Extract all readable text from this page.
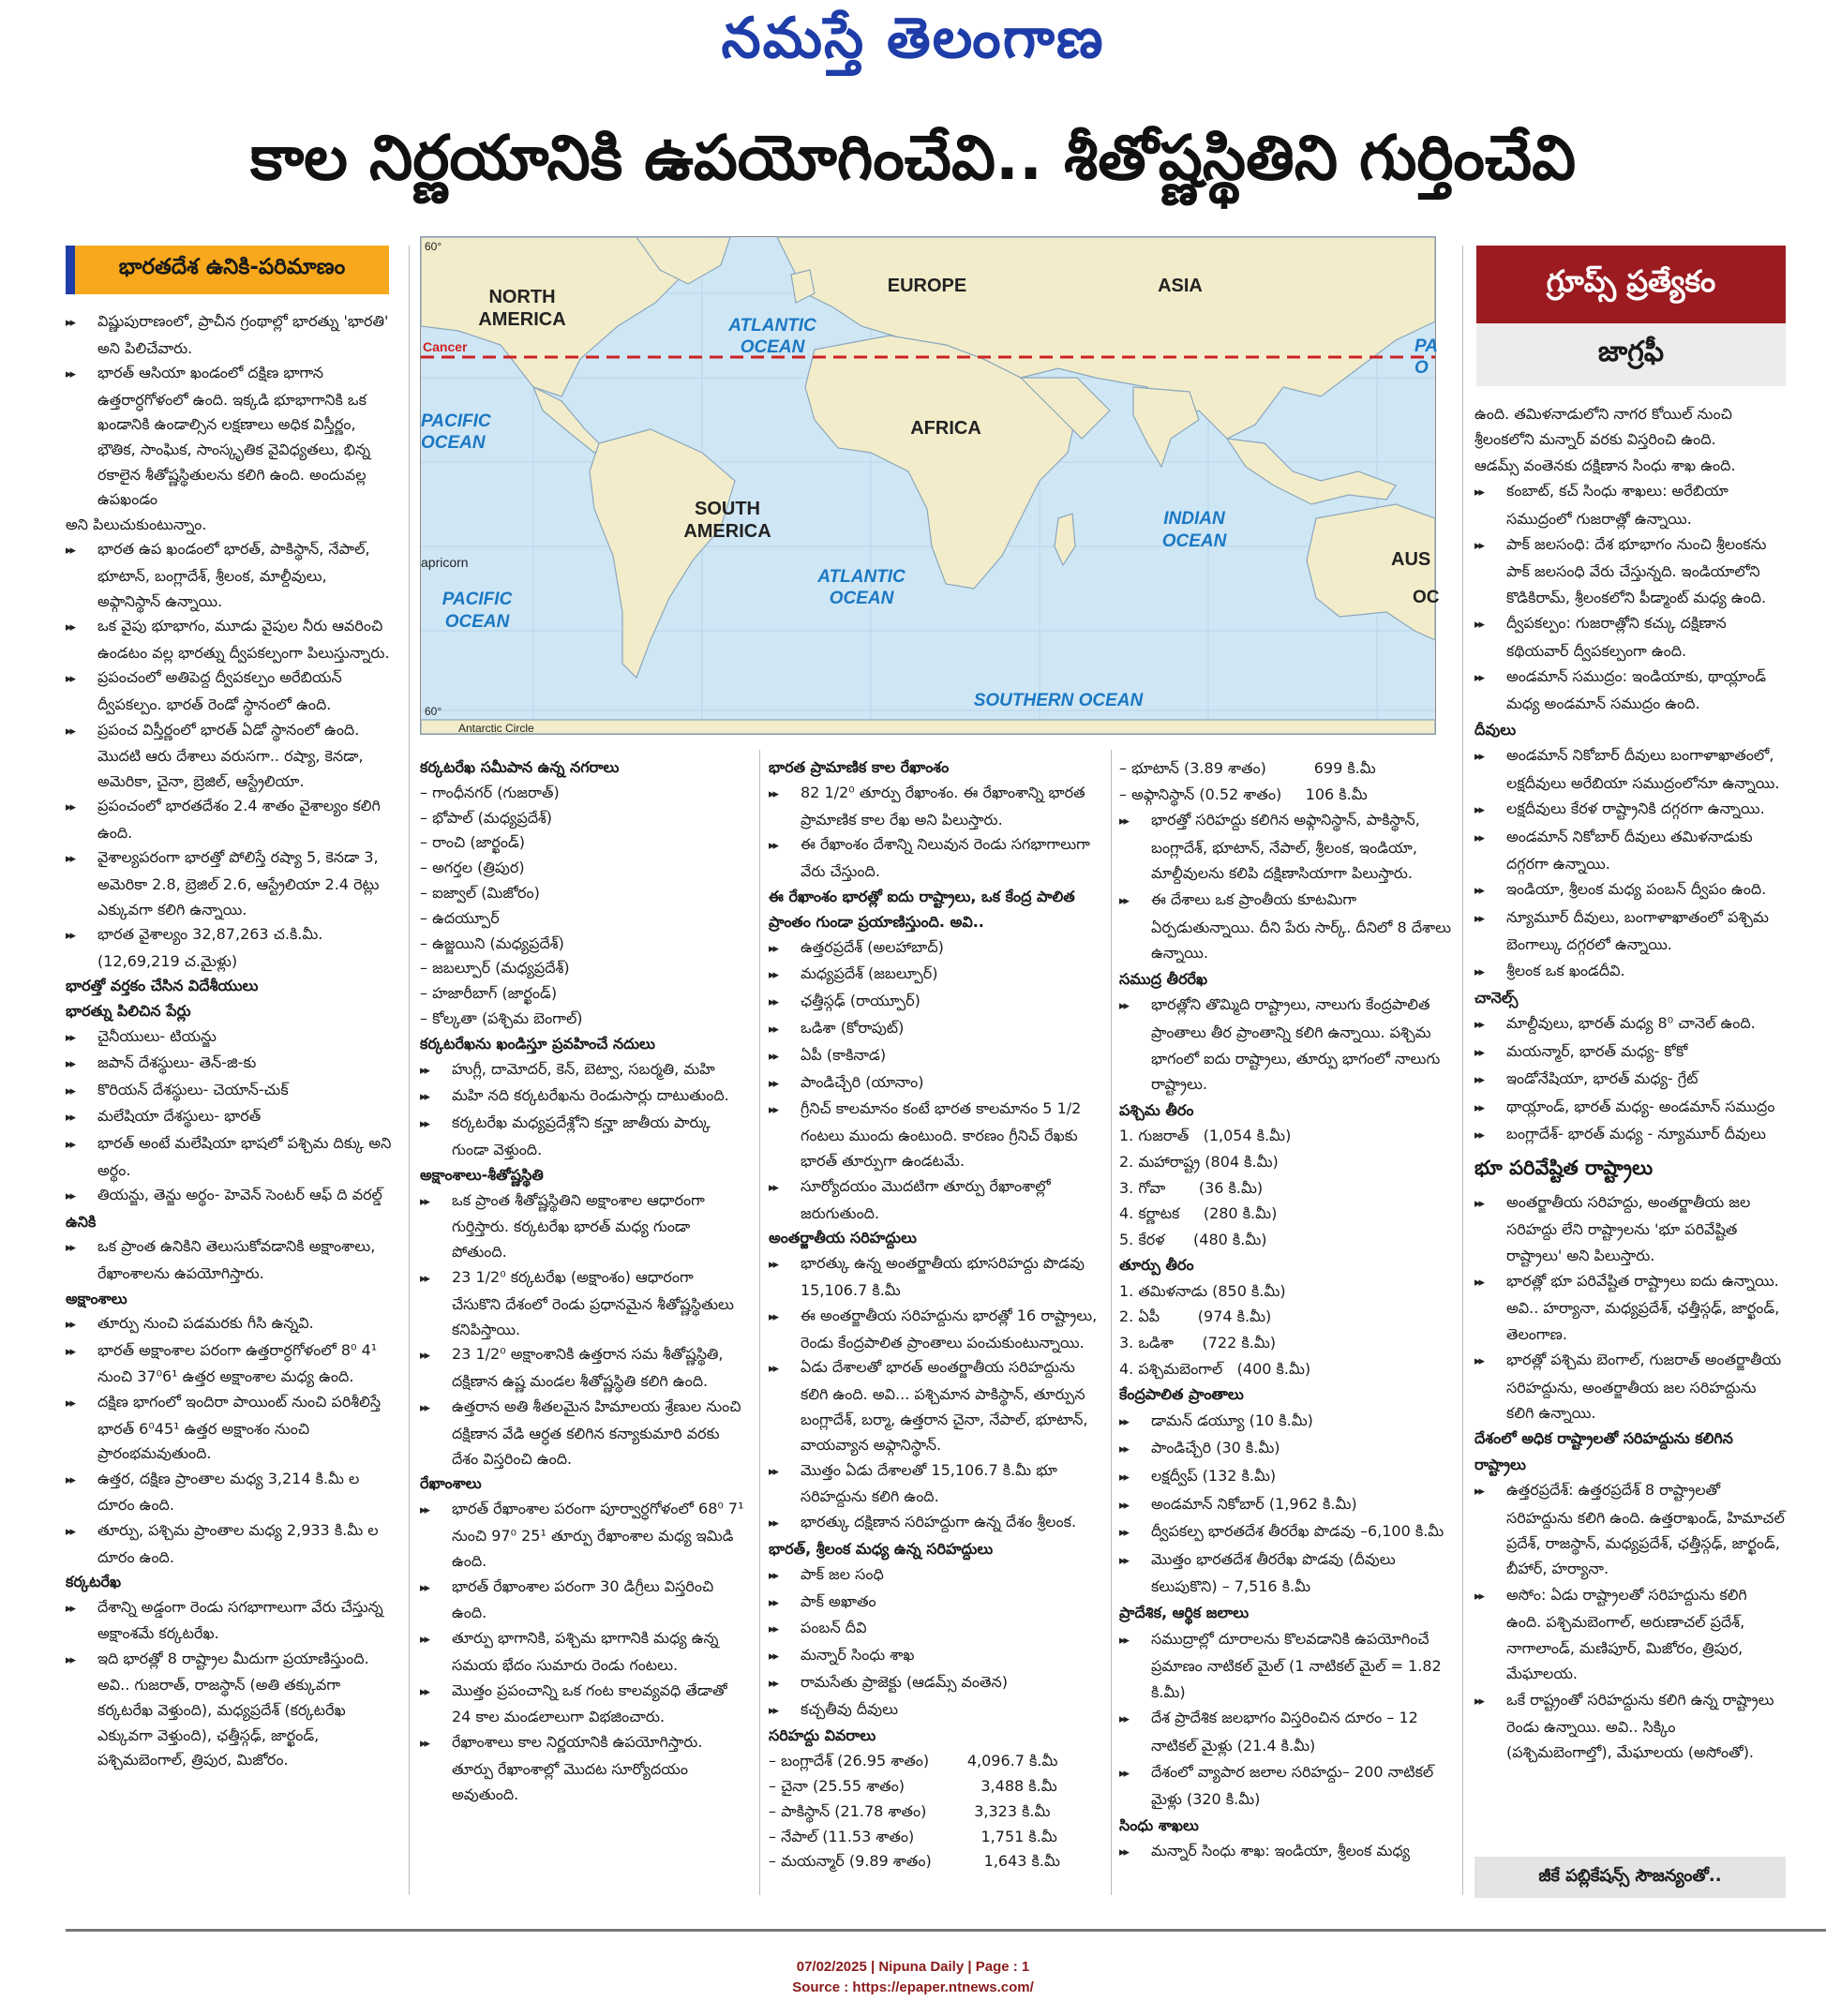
నమస్తే తెలంగాణ
కాల నిర్ణయానికి ఉపయోగించేవి.. శీతోష్ణస్థితిని గుర్తించేవి
భారతదేశ ఉనికి-పరిమాణం	గ్రూప్స్ ప్రత్యేకం
జాగ్రఫీ
NORTH
AMERICA
EUROPE	ASIA
ATLANTIC
OCEAN
Cancer
PACIFIC
OCEAN
AFRICA
PA
O
SOUTH
AMERICA
INDIAN
OCEAN
apricorn	AUS
OC
PACIFIC
OCEAN
ATLANTIC
OCEAN
SOUTHERN OCEAN
60°
60°
Antarctic Circle
▸▸ విష్ణుపురాణంలో, ప్రాచీన గ్రంథాల్లో భారత్ను 'భారతి' అని పిలిచేవారు.
▸▸ భారత్ ఆసియా ఖండంలో దక్షిణ భాగాన ఉత్తరార్ధగోళంలో ఉంది. ఇక్కడి భూభాగానికి ఒక ఖండానికి ఉండాల్సిన లక్షణాలు అధిక విస్తీర్ణం, భౌతిక, సాంఘిక, సాంస్కృతిక వైవిధ్యతలు, భిన్న రకాలైన శీతోష్ణస్థితులను కలిగి ఉంది. అందువల్ల ఉపఖండం
అని పిలుచుకుంటున్నాం.
▸▸ భారత ఉప ఖండంలో భారత్, పాకిస్థాన్, నేపాల్, భూటాన్, బంగ్లాదేశ్, శ్రీలంక, మాల్దీవులు, అఫ్గానిస్థాన్ ఉన్నాయి.
▸▸ ఒక వైపు భూభాగం, మూడు వైపుల నీరు ఆవరించి ఉండటం వల్ల భారత్ను ద్వీపకల్పంగా పిలుస్తున్నారు.
▸▸ ప్రపంచంలో అతిపెద్ద ద్వీపకల్పం అరేబియన్ ద్వీపకల్పం. భారత్ రెండో స్థానంలో ఉంది.
▸▸ ప్రపంచ విస్తీర్ణంలో భారత్ ఏడో స్థానంలో ఉంది. మొదటి ఆరు దేశాలు వరుసగా.. రష్యా, కెనడా, అమెరికా, చైనా, బ్రెజిల్, ఆస్ట్రేలియా.
▸▸ ప్రపంచంలో భారతదేశం 2.4 శాతం వైశాల్యం కలిగి ఉంది.
▸▸ వైశాల్యపరంగా భారత్తో పోలిస్తే రష్యా 5, కెనడా 3, అమెరికా 2.8, బ్రెజిల్ 2.6, ఆస్ట్రేలియా 2.4 రెట్లు ఎక్కువగా కలిగి ఉన్నాయి.
▸▸ భారత వైశాల్యం 32,87,263 చ.కి.మీ. (12,69,219 చ.మైళ్లు)
భారత్తో వర్తకం చేసిన విదేశీయులు
భారత్ను పిలిచిన పేర్లు
▸▸ చైనీయులు- టియన్జు
▸▸ జపాన్ దేశస్థులు- తెన్-జి-కు
▸▸ కొరియన్ దేశస్థులు- చెయాన్-చుక్
▸▸ మలేషియా దేశస్థులు- భారత్
▸▸ భారత్ అంటే మలేషియా భాషలో పశ్చిమ దిక్కు అని అర్థం.
▸▸ తియన్జు, తెన్జు అర్థం- హెవెన్ సెంటర్ ఆఫ్ ది వరల్డ్
ఉనికి
▸▸ ఒక ప్రాంత ఉనికిని తెలుసుకోవడానికి అక్షాంశాలు, రేఖాంశాలను ఉపయోగిస్తారు.
అక్షాంశాలు
▸▸ తూర్పు నుంచి పడమరకు గీసి ఉన్నవి.
▸▸ భారత్ అక్షాంశాల పరంగా ఉత్తరార్ధగోళంలో 8⁰ 4¹ నుంచి 37⁰6¹ ఉత్తర అక్షాంశాల మధ్య ఉంది.
▸▸ దక్షిణ భాగంలో ఇందిరా పాయింట్ నుంచి పరిశీలిస్తే భారత్ 6⁰45¹ ఉత్తర అక్షాంశం నుంచి ప్రారంభమవుతుంది.
▸▸ ఉత్తర, దక్షిణ ప్రాంతాల మధ్య 3,214 కి.మీ ల దూరం ఉంది.
▸▸ తూర్పు, పశ్చిమ ప్రాంతాల మధ్య 2,933 కి.మీ ల దూరం ఉంది.
కర్కటరేఖ
▸▸ దేశాన్ని అడ్డంగా రెండు సగభాగాలుగా వేరు చేస్తున్న అక్షాంశమే కర్కటరేఖ.
▸▸ ఇది భారత్లో 8 రాష్ట్రాల మీదుగా ప్రయాణిస్తుంది. అవి.. గుజరాత్, రాజస్థాన్ (అతి తక్కువగా కర్కటరేఖ వెళ్తుంది), మధ్యప్రదేశ్ (కర్కటరేఖ ఎక్కువగా వెళ్తుంది), ఛత్తీస్గఢ్, జార్ఖండ్, పశ్చిమబెంగాల్, త్రిపుర, మిజోరం.
కర్కటరేఖ సమీపాన ఉన్న నగరాలు
– గాంధీనగర్ (గుజరాత్)
– భోపాల్ (మధ్యప్రదేశ్)
– రాంచి (జార్ఖండ్)
– అగర్తల (త్రిపుర)
– ఐజ్వాల్ (మిజోరం)
– ఉదయ్పూర్
– ఉజ్జయిని (మధ్యప్రదేశ్)
– జబల్పూర్ (మధ్యప్రదేశ్)
– హజారీబాగ్ (జార్ఖండ్)
– కోల్కతా (పశ్చిమ బెంగాల్)
కర్కటరేఖను ఖండిస్తూ ప్రవహించే నదులు
▸▸ హుగ్లీ, దామోదర్, కెన్, బెట్వా, సబర్మతి, మహి
▸▸ మహి నది కర్కటరేఖను రెండుసార్లు దాటుతుంది.
▸▸ కర్కటరేఖ మధ్యప్రదేశ్లోని కన్హా జాతీయ పార్కు గుండా వెళ్తుంది.
అక్షాంశాలు-శీతోష్ణస్థితి
▸▸ ఒక ప్రాంత శీతోష్ణస్థితిని అక్షాంశాల ఆధారంగా గుర్తిస్తారు. కర్కటరేఖ భారత్ మధ్య గుండా పోతుంది.
▸▸ 23 1/2⁰ కర్కటరేఖ (అక్షాంశం) ఆధారంగా చేసుకొని దేశంలో రెండు ప్రధానమైన శీతోష్ణస్థితులు కనిపిస్తాయి.
▸▸ 23 1/2⁰ అక్షాంశానికి ఉత్తరాన సమ శీతోష్ణస్థితి, దక్షిణాన ఉష్ణ మండల శీతోష్ణస్థితి కలిగి ఉంది.
▸▸ ఉత్తరాన అతి శీతలమైన హిమాలయ శ్రేణుల నుంచి దక్షిణాన వేడి ఆర్ధత కలిగిన కన్యాకుమారి వరకు దేశం విస్తరించి ఉంది.
రేఖాంశాలు
▸▸ భారత్ రేఖాంశాల పరంగా పూర్వార్ధగోళంలో 68⁰ 7¹ నుంచి 97⁰ 25¹ తూర్పు రేఖాంశాల మధ్య ఇమిడి ఉంది.
▸▸ భారత్ రేఖాంశాల పరంగా 30 డిగ్రీలు విస్తరించి ఉంది.
▸▸ తూర్పు భాగానికి, పశ్చిమ భాగానికి మధ్య ఉన్న సమయ భేదం సుమారు రెండు గంటలు.
▸▸ మొత్తం ప్రపంచాన్ని ఒక గంట కాలవ్యవధి తేడాతో 24 కాల మండలాలుగా విభజించారు.
▸▸ రేఖాంశాలు కాల నిర్ణయానికి ఉపయోగిస్తారు. తూర్పు రేఖాంశాల్లో మొదట సూర్యోదయం అవుతుంది.
భారత ప్రామాణిక కాల రేఖాంశం
▸▸ 82 1/2⁰ తూర్పు రేఖాంశం. ఈ రేఖాంశాన్ని భారత ప్రామాణిక కాల రేఖ అని పిలుస్తారు.
▸▸ ఈ రేఖాంశం దేశాన్ని నిలువున రెండు సగభాగాలుగా వేరు చేస్తుంది.
ఈ రేఖాంశం భారత్లో ఐదు రాష్ట్రాలు, ఒక కేంద్ర పాలిత ప్రాంతం గుండా ప్రయాణిస్తుంది. అవి..
▸▸ ఉత్తరప్రదేశ్ (అలహాబాద్)
▸▸ మధ్యప్రదేశ్ (జబల్పూర్)
▸▸ ఛత్తీస్గఢ్ (రాయ్పూర్)
▸▸ ఒడిశా (కోరాపుట్)
▸▸ ఏపీ (కాకినాడ)
▸▸ పాండిచ్చేరి (యానాం)
▸▸ గ్రీనిచ్ కాలమానం కంటే భారత కాలమానం 5 1/2 గంటలు ముందు ఉంటుంది. కారణం గ్రీనిచ్ రేఖకు భారత్ తూర్పుగా ఉండటమే.
▸▸ సూర్యోదయం మొదటిగా తూర్పు రేఖాంశాల్లో జరుగుతుంది.
అంతర్జాతీయ సరిహద్దులు
▸▸ భారత్కు ఉన్న అంతర్జాతీయ భూసరిహద్దు పొడవు 15,106.7 కి.మీ
▸▸ ఈ అంతర్జాతీయ సరిహద్దును భారత్లో 16 రాష్ట్రాలు, రెండు కేంద్రపాలిత ప్రాంతాలు పంచుకుంటున్నాయి.
▸▸ ఏడు దేశాలతో భారత్ అంతర్జాతీయ సరిహద్దును కలిగి ఉంది. అవి... పశ్చిమాన పాకిస్థాన్, తూర్పున బంగ్లాదేశ్, బర్మా, ఉత్తరాన చైనా, నేపాల్, భూటాన్, వాయవ్యాన అఫ్గానిస్థాన్.
▸▸ మొత్తం ఏడు దేశాలతో 15,106.7 కి.మీ భూ సరిహద్దును కలిగి ఉంది.
▸▸ భారత్కు దక్షిణాన సరిహద్దుగా ఉన్న దేశం శ్రీలంక.
భారత్, శ్రీలంక మధ్య ఉన్న సరిహద్దులు
▸▸ పాక్ జల సంధి
▸▸ పాక్ అఖాతం
▸▸ పంబన్ దీవి
▸▸ మన్నార్ సింధు శాఖ
▸▸ రామసేతు ప్రాజెక్టు (ఆడమ్స్ వంతెన)
▸▸ కచ్చతీవు దీవులు
సరిహద్దు వివరాలు
– బంగ్లాదేశ్ (26.95 శాతం)        4,096.7 కి.మీ
– చైనా (25.55 శాతం)                3,488 కి.మీ
– పాకిస్థాన్ (21.78 శాతం)          3,323 కి.మీ
– నేపాల్ (11.53 శాతం)              1,751 కి.మీ
– మయన్మార్ (9.89 శాతం)           1,643 కి.మీ
– భూటాన్ (3.89 శాతం)          699 కి.మీ
– అఫ్గానిస్థాన్ (0.52 శాతం)     106 కి.మీ
▸▸ భారత్తో సరిహద్దు కలిగిన అఫ్గానిస్థాన్, పాకిస్థాన్, బంగ్లాదేశ్, భూటాన్, నేపాల్, శ్రీలంక, ఇండియా, మాల్దీవులను కలిపి దక్షిణాసియాగా పిలుస్తారు.
▸▸ ఈ దేశాలు ఒక ప్రాంతీయ కూటమిగా ఏర్పడుతున్నాయి. దీని పేరు సార్క్. దీనిలో 8 దేశాలు ఉన్నాయి.
సముద్ర తీరరేఖ
▸▸ భారత్లోని తొమ్మిది రాష్ట్రాలు, నాలుగు కేంద్రపాలిత ప్రాంతాలు తీర ప్రాంతాన్ని కలిగి ఉన్నాయి. పశ్చిమ భాగంలో ఐదు రాష్ట్రాలు, తూర్పు భాగంలో నాలుగు రాష్ట్రాలు.
పశ్చిమ తీరం
1. గుజరాత్   (1,054 కి.మీ)
2. మహారాష్ట్ర (804 కి.మీ)
3. గోవా       (36 కి.మీ)
4. కర్ణాటక     (280 కి.మీ)
5. కేరళ      (480 కి.మీ)
తూర్పు తీరం
1. తమిళనాడు (850 కి.మీ)
2. ఏపీ        (974 కి.మీ)
3. ఒడిశా      (722 కి.మీ)
4. పశ్చిమబెంగాల్   (400 కి.మీ)
కేంద్రపాలిత ప్రాంతాలు
▸▸ డామన్ డయ్యూ (10 కి.మీ)
▸▸ పాండిచ్చేరి (30 కి.మీ)
▸▸ లక్షద్వీప్ (132 కి.మీ)
▸▸ అండమాన్ నికోబార్ (1,962 కి.మీ)
▸▸ ద్వీపకల్ప భారతదేశ తీరరేఖ పొడవు –6,100 కి.మీ
▸▸ మొత్తం భారతదేశ తీరరేఖ పొడవు (దీవులు కలుపుకొని) – 7,516 కి.మీ
ప్రాదేశిక, ఆర్థిక జలాలు
▸▸ సముద్రాల్లో దూరాలను కొలవడానికి ఉపయోగించే ప్రమాణం నాటికల్ మైల్ (1 నాటికల్ మైల్ = 1.82 కి.మీ)
▸▸ దేశ ప్రాదేశిక జలభాగం విస్తరించిన దూరం – 12 నాటికల్ మైళ్లు (21.4 కి.మీ)
▸▸ దేశంలో వ్యాపార జలాల సరిహద్దు– 200 నాటికల్ మైళ్లు (320 కి.మీ)
సింధు శాఖలు
▸▸ మన్నార్ సింధు శాఖ: ఇండియా, శ్రీలంక మధ్య
ఉంది. తమిళనాడులోని నాగర కోయిల్ నుంచి
శ్రీలంకలోని మన్నార్ వరకు విస్తరించి ఉంది.
ఆడమ్స్ వంతెనకు దక్షిణాన సింధు శాఖ ఉంది.
▸▸ కంబాట్, కచ్ సింధు శాఖలు: అరేబియా సముద్రంలో గుజరాత్లో ఉన్నాయి.
▸▸ పాక్ జలసంధి: దేశ భూభాగం నుంచి శ్రీలంకను పాక్ జలసంధి వేరు చేస్తున్నది. ఇండియాలోని కొడికిరామ్, శ్రీలంకలోని పీడ్మాంట్ మధ్య ఉంది.
▸▸ ద్వీపకల్పం: గుజరాత్లోని కచ్కు దక్షిణాన కథియవార్ ద్వీపకల్పంగా ఉంది.
▸▸ అండమాన్ సముద్రం: ఇండియాకు, థాయ్లాండ్ మధ్య అండమాన్ సముద్రం ఉంది.
దీవులు
▸▸ అండమాన్ నికోబార్ దీవులు బంగాళాఖాతంలో, లక్షదీవులు అరేబియా సముద్రంలోనూ ఉన్నాయి.
▸▸ లక్షదీవులు కేరళ రాష్ట్రానికి దగ్గరగా ఉన్నాయి.
▸▸ అండమాన్ నికోబార్ దీవులు తమిళనాడుకు దగ్గరగా ఉన్నాయి.
▸▸ ఇండియా, శ్రీలంక మధ్య పంబన్ ద్వీపం ఉంది.
▸▸ న్యూమూర్ దీవులు, బంగాళాఖాతంలో పశ్చిమ బెంగాల్కు దగ్గరలో ఉన్నాయి.
▸▸ శ్రీలంక ఒక ఖండదీవి.
చానెల్స్
▸▸ మాల్దీవులు, భారత్ మధ్య 8⁰ చానెల్ ఉంది.
▸▸ మయన్మార్, భారత్ మధ్య- కోకో
▸▸ ఇండోనేషియా, భారత్ మధ్య- గ్రేట్
▸▸ థాయ్లాండ్, భారత్ మధ్య- అండమాన్ సముద్రం
▸▸ బంగ్లాదేశ్- భారత్ మధ్య - న్యూమూర్ దీవులు
భూ పరివేష్టిత రాష్ట్రాలు
▸▸ అంతర్జాతీయ సరిహద్దు, అంతర్జాతీయ జల సరిహద్దు లేని రాష్ట్రాలను 'భూ పరివేష్టిత రాష్ట్రాలు' అని పిలుస్తారు.
▸▸ భారత్లో భూ పరివేష్టిత రాష్ట్రాలు ఐదు ఉన్నాయి. అవి.. హర్యానా, మధ్యప్రదేశ్, ఛత్తీస్గఢ్, జార్ఖండ్, తెలంగాణ.
▸▸ భారత్లో పశ్చిమ బెంగాల్, గుజరాత్ అంతర్జాతీయ సరిహద్దును, అంతర్జాతీయ జల సరిహద్దును కలిగి ఉన్నాయి.
దేశంలో అధిక రాష్ట్రాలతో సరిహద్దును కలిగిన రాష్ట్రాలు
▸▸ ఉత్తరప్రదేశ్: ఉత్తరప్రదేశ్ 8 రాష్ట్రాలతో సరిహద్దును కలిగి ఉంది. ఉత్తరాఖండ్, హిమాచల్ ప్రదేశ్, రాజస్థాన్, మధ్యప్రదేశ్, ఛత్తీస్గఢ్, జార్ఖండ్, బీహార్, హర్యానా.
▸▸ అసోం: ఏడు రాష్ట్రాలతో సరిహద్దును కలిగి ఉంది. పశ్చిమబెంగాల్, అరుణాచల్ ప్రదేశ్, నాగాలాండ్, మణిపూర్, మిజోరం, త్రిపుర, మేఘాలయ.
▸▸ ఒకే రాష్ట్రంతో సరిహద్దును కలిగి ఉన్న రాష్ట్రాలు రెండు ఉన్నాయి. అవి.. సిక్కిం (పశ్చిమబెంగాల్తో), మేఘాలయ (అసోంతో).
జీకే పబ్లికేషన్స్ సౌజన్యంతో..
07/02/2025 | Nipuna Daily | Page : 1
Source : https://epaper.ntnews.com/
